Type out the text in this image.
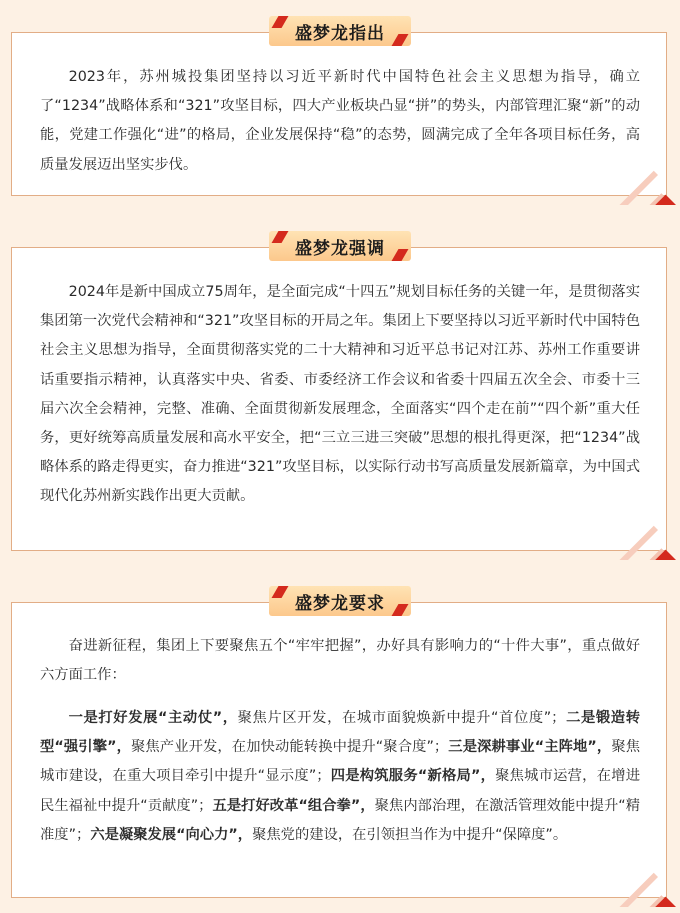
2023年，苏州城投集团坚持以习近平新时代中国特色社会主义思想为指导，确立了“1234”战略体系和“321”攻坚目标，四大产业板块凸显“拼”的势头，内部管理汇聚“新”的动能，党建工作强化“进”的格局，企业发展保持“稳”的态势，圆满完成了全年各项目标任务，高质量发展迈出坚实步伐。

盛梦龙指出

2024年是新中国成立75周年，是全面完成“十四五”规划目标任务的关键一年，是贯彻落实集团第一次党代会精神和“321”攻坚目标的开局之年。集团上下要坚持以习近平新时代中国特色社会主义思想为指导，全面贯彻落实党的二十大精神和习近平总书记对江苏、苏州工作重要讲话重要指示精神，认真落实中央、省委、市委经济工作会议和省委十四届五次全会、市委十三届六次全会精神，完整、准确、全面贯彻新发展理念，全面落实“四个走在前”“四个新”重大任务，更好统筹高质量发展和高水平安全，把“三立三进三突破”思想的根扎得更深，把“1234”战略体系的路走得更实，奋力推进“321”攻坚目标，以实际行动书写高质量发展新篇章，为中国式现代化苏州新实践作出更大贡献。

盛梦龙强调

奋进新征程，集团上下要聚焦五个“牢牢把握”，办好具有影响力的“十件大事”，重点做好六方面工作：

一是打好发展“主动仗”，聚焦片区开发，在城市面貌焕新中提升“首位度”；二是锻造转型“强引擎”，聚焦产业开发，在加快动能转换中提升“聚合度”；三是深耕事业“主阵地”，聚焦城市建设，在重大项目牵引中提升“显示度”；四是构筑服务“新格局”，聚焦城市运营，在增进民生福祉中提升“贡献度”；五是打好改革“组合拳”，聚焦内部治理，在激活管理效能中提升“精准度”；六是凝聚发展“向心力”，聚焦党的建设，在引领担当作为中提升“保障度”。

盛梦龙要求
